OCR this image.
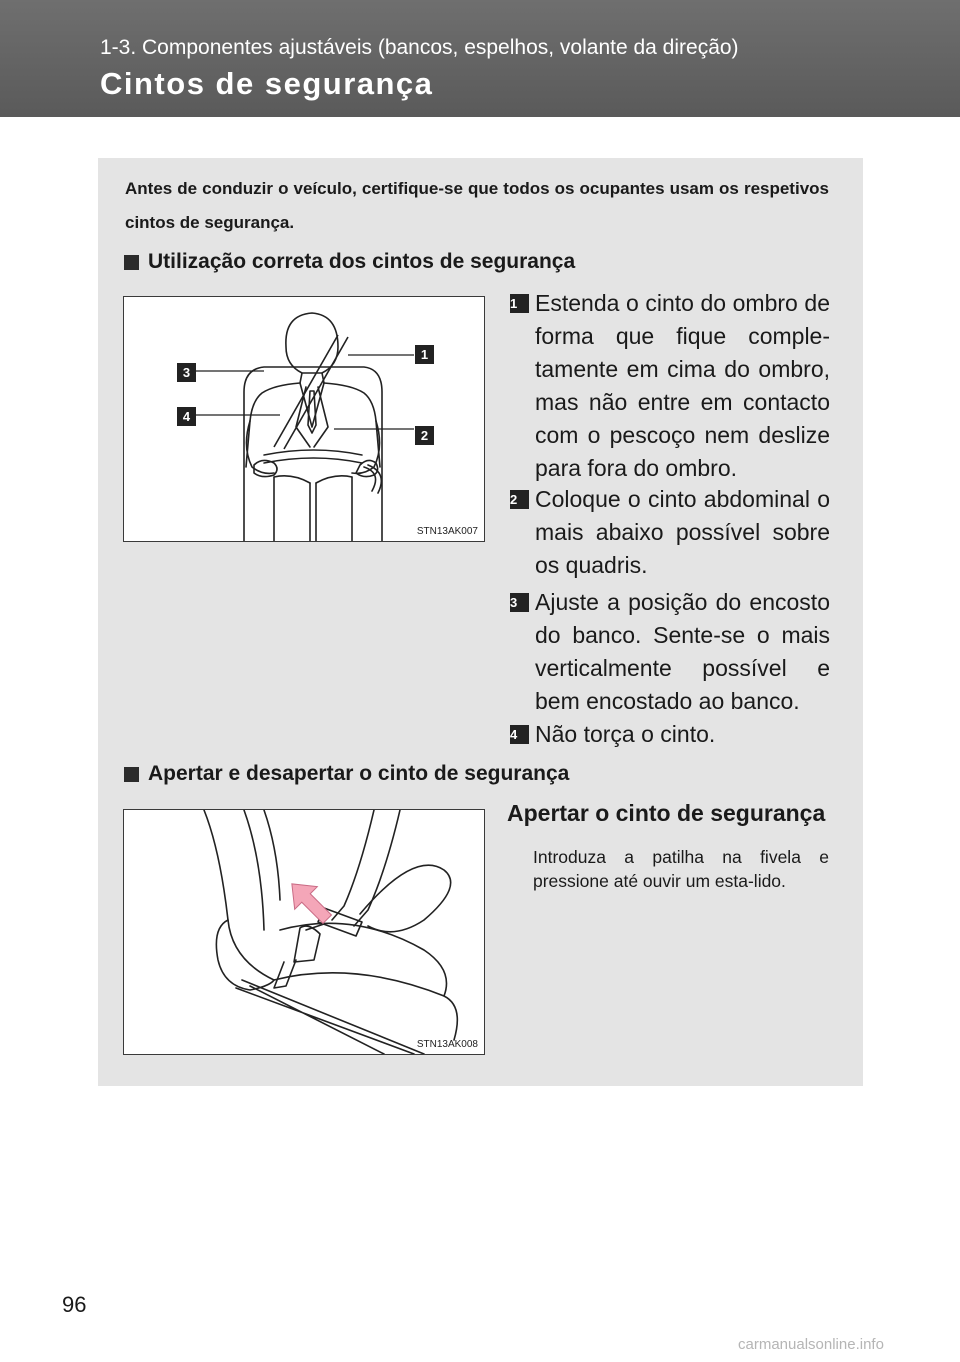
1-3. Componentes ajustáveis (bancos, espelhos, volante da direção)
Cintos de segurança

Antes de conduzir o veículo, certifique-se que todos os ocupantes usam os respetivos cintos de segurança.

Utilização correta dos cintos de segurança
1
2
3
4
STN13AK007
1 Estenda o cinto do ombro de forma que fique comple-tamente em cima do ombro, mas não entre em contacto com o pescoço nem deslize para fora do ombro.
2 Coloque o cinto abdominal o mais abaixo possível sobre os quadris.
3 Ajuste a posição do encosto do banco. Sente-se o mais verticalmente possível e bem encostado ao banco.
4 Não torça o cinto.
Apertar e desapertar o cinto de segurança
STN13AK008
Apertar o cinto de segurança

Introduza a patilha na fivela e pressione até ouvir um esta-lido.

96
carmanualsonline.info
